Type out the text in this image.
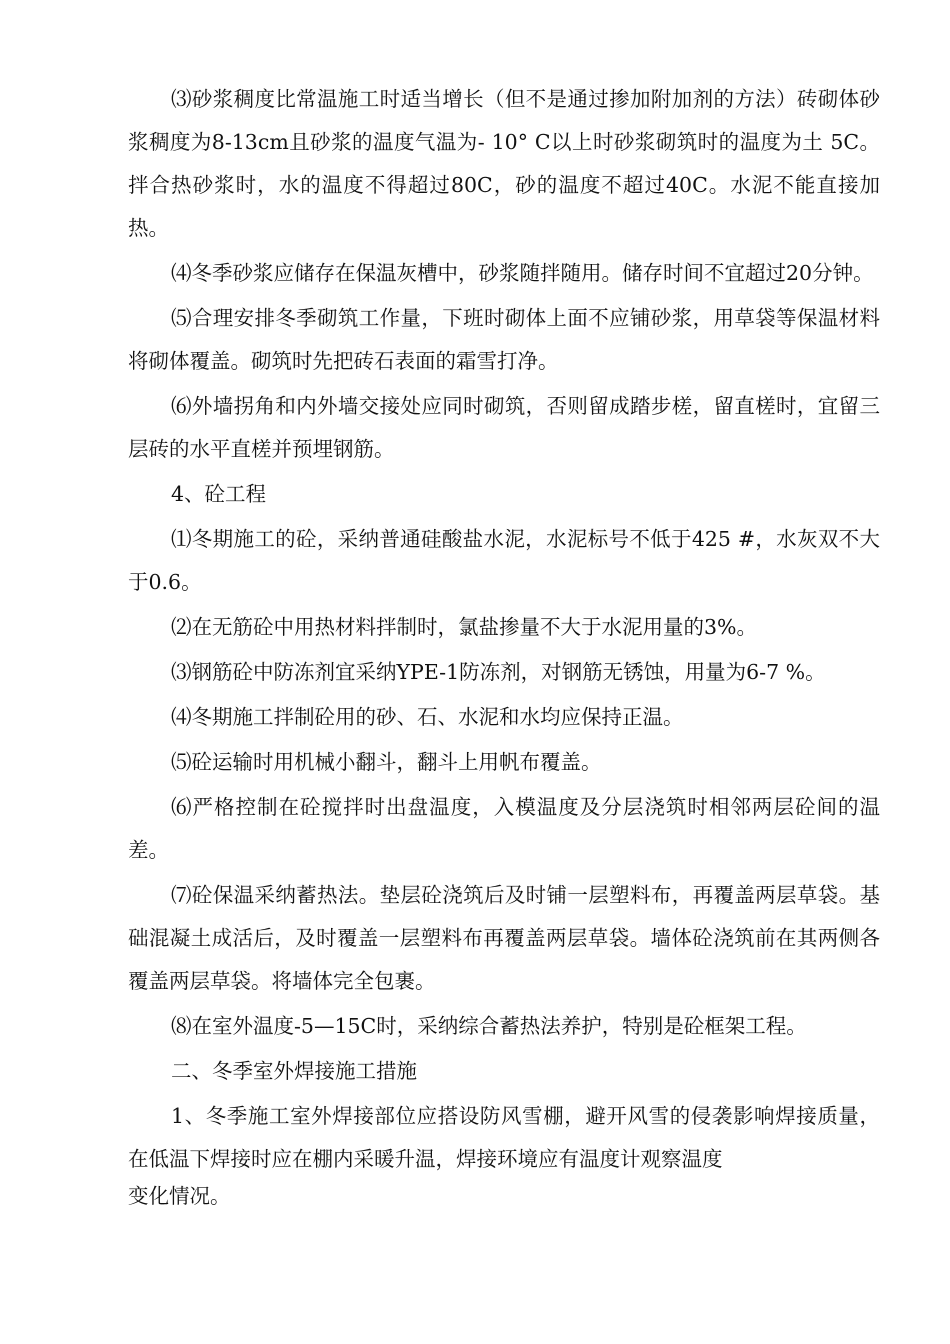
⑶砂浆稠度比常温施工时适当增长（但不是通过掺加附加剂的方法）砖砌体砂浆稠度为8-13cm且砂浆的温度气温为- 10° C以上时砂浆砌筑时的温度为土 5C。拌合热砂浆时，水的温度不得超过80C，砂的温度不超过40C。水泥不能直接加热。

⑷冬季砂浆应储存在保温灰槽中，砂浆随拌随用。储存时间不宜超过20分钟。

⑸合理安排冬季砌筑工作量，下班时砌体上面不应铺砂浆，用草袋等保温材料将砌体覆盖。砌筑时先把砖石表面的霜雪打净。

⑹外墙拐角和内外墙交接处应同时砌筑，否则留成踏步槎，留直槎时，宜留三层砖的水平直槎并预埋钢筋。

4、砼工程

⑴冬期施工的砼，采纳普通硅酸盐水泥，水泥标号不低于425 #，水灰双不大于0.6。

⑵在无筋砼中用热材料拌制时，氯盐掺量不大于水泥用量的3%。

⑶钢筋砼中防冻剂宜采纳YPE-1防冻剂，对钢筋无锈蚀，用量为6-7 %。

⑷冬期施工拌制砼用的砂、石、水泥和水均应保持正温。

⑸砼运输时用机械小翻斗，翻斗上用帆布覆盖。

⑹严格控制在砼搅拌时出盘温度，入模温度及分层浇筑时相邻两层砼间的温差。

⑺砼保温采纳蓄热法。垫层砼浇筑后及时铺一层塑料布，再覆盖两层草袋。基础混凝土成活后，及时覆盖一层塑料布再覆盖两层草袋。墙体砼浇筑前在其两侧各覆盖两层草袋。将墙体完全包裹。

⑻在室外温度-5—15C时，采纳综合蓄热法养护，特别是砼框架工程。

二、冬季室外焊接施工措施

1、冬季施工室外焊接部位应搭设防风雪棚，避开风雪的侵袭影响焊接质量，在低温下焊接时应在棚内采暖升温，焊接环境应有温度计观察温度

变化情况。
